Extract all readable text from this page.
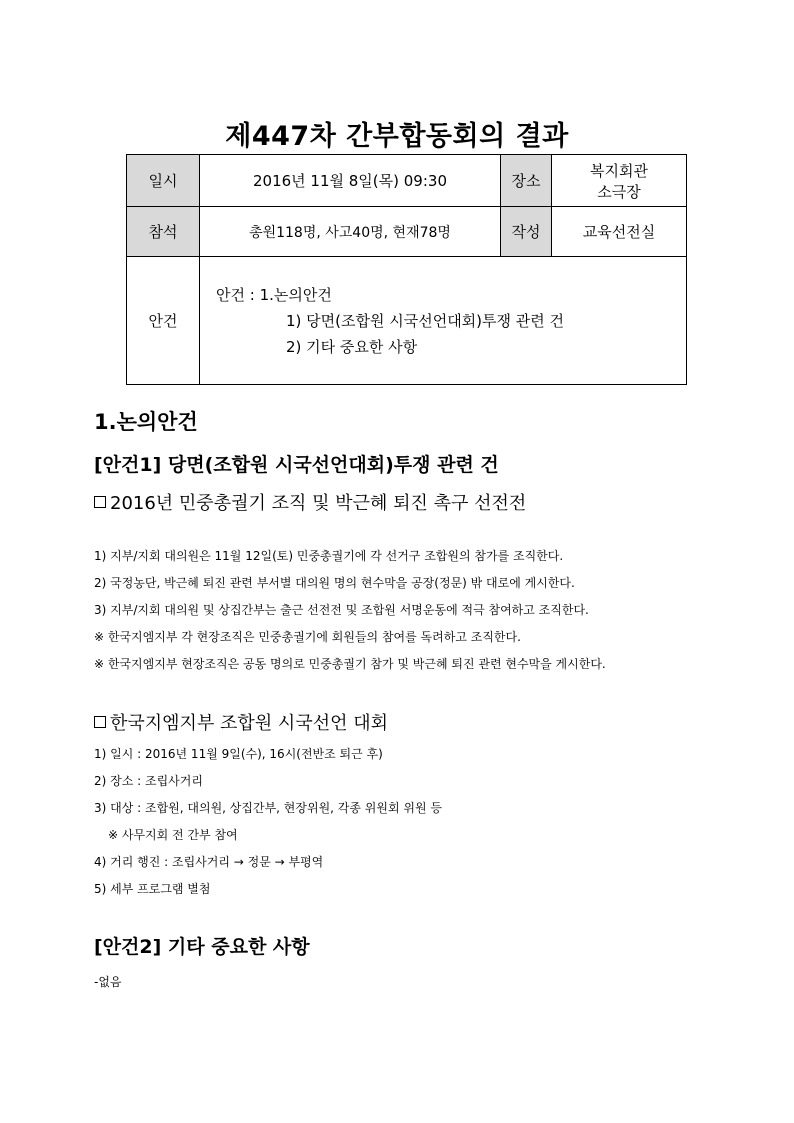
제447차 간부합동회의 결과
일시	2016년 11월 8일(목) 09:30	장소	복지회관
소극장

참석	총원118명, 사고40명, 현재78명	작성	교육선전실
안건	안건 : 1.논의안건
1) 당면(조합원 시국선언대회)투쟁 관련 건
2) 기타 중요한 사항		
1.논의안건
[안건1] 당면(조합원 시국선언대회)투쟁 관련 건
2016년 민중총궐기 조직 및 박근혜 퇴진 촉구 선전전
1) 지부/지회 대의원은 11월 12일(토) 민중총궐기에 각 선거구 조합원의 참가를 조직한다.
2) 국정농단, 박근혜 퇴진 관련 부서별 대의원 명의 현수막을 공장(정문) 밖 대로에 게시한다.
3) 지부/지회 대의원 및 상집간부는 출근 선전전 및 조합원 서명운동에 적극 참여하고 조직한다.
※ 한국지엠지부 각 현장조직은 민중총궐기에 회원들의 참여를 독려하고 조직한다.
※ 한국지엠지부 현장조직은 공동 명의로 민중총궐기 참가 및 박근혜 퇴진 관련 현수막을 게시한다.
한국지엠지부 조합원 시국선언 대회
1) 일시 : 2016년 11월 9일(수), 16시(전반조 퇴근 후)
2) 장소 : 조립사거리
3) 대상 : 조합원, 대의원, 상집간부, 현장위원, 각종 위원회 위원 등
※ 사무지회 전 간부 참여
4) 거리 행진 : 조립사거리 → 정문 → 부평역
5) 세부 프로그램 별첨
[안건2] 기타 중요한 사항

-없음
